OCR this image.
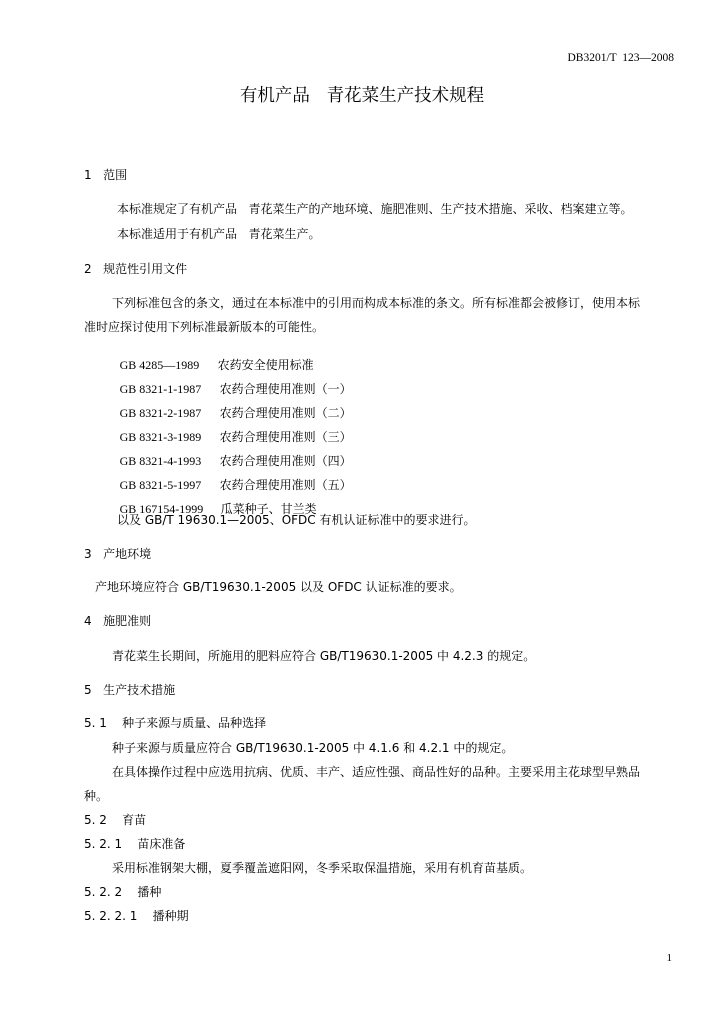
DB3201/T  123—2008
有机产品   青花菜生产技术规程
1   范围
本标准规定了有机产品   青花菜生产的产地环境、施肥准则、生产技术措施、采收、档案建立等。
本标准适用于有机产品   青花菜生产。
2   规范性引用文件
下列标准包含的条文，通过在本标准中的引用而构成本标准的条文。所有标准都会被修订，使用本标
准时应探讨使用下列标准最新版本的可能性。

GB 4285—1989 农药安全使用标准

GB 8321-1-1987 农药合理使用准则（一）

GB 8321-2-1987 农药合理使用准则（二）

GB 8321-3-1989 农药合理使用准则（三）

GB 8321-4-1993 农药合理使用准则（四）

GB 8321-5-1997 农药合理使用准则（五）

GB 167154-1999 瓜菜种子、甘兰类

以及 GB/T 19630.1—2005、OFDC 有机认证标准中的要求进行。
3   产地环境
产地环境应符合 GB/T19630.1-2005 以及 OFDC 认证标准的要求。
4   施肥准则
青花菜生长期间，所施用的肥料应符合 GB/T19630.1-2005 中 4.2.3 的规定。
5   生产技术措施
5. 1    种子来源与质量、品种选择
种子来源与质量应符合 GB/T19630.1-2005 中 4.1.6 和 4.2.1 中的规定。
在具体操作过程中应选用抗病、优质、丰产、适应性强、商品性好的品种。主要采用主花球型早熟品
种。
5. 2    育苗
5. 2. 1    苗床准备
采用标准钢架大棚，夏季覆盖遮阳网，冬季采取保温措施，采用有机育苗基质。
5. 2. 2    播种
5. 2. 2. 1    播种期
1
